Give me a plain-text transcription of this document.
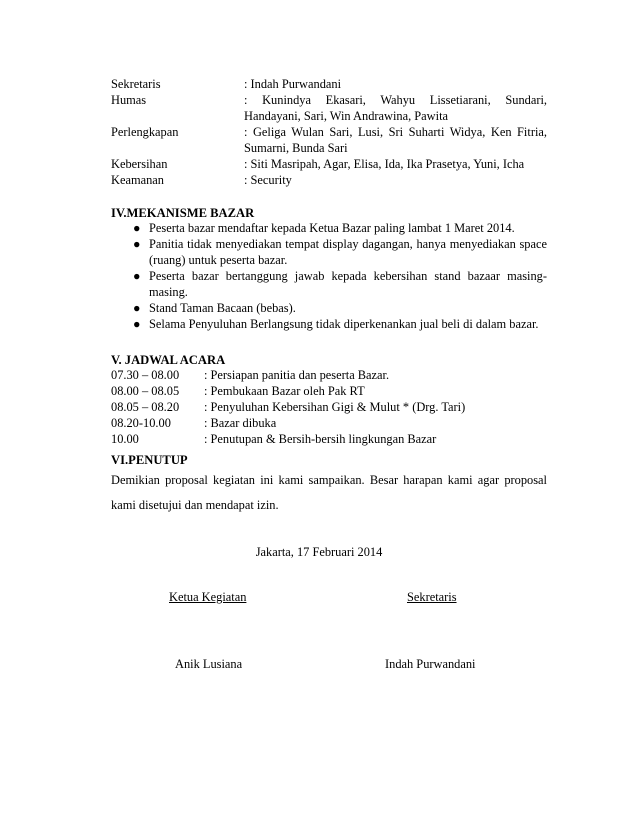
Sekretaris	: Indah Purwandani
Humas	: Kunindya Ekasari, Wahyu Lissetiarani, Sundari, Handayani, Sari, Win Andrawina, Pawita
Perlengkapan	: Geliga Wulan Sari, Lusi, Sri Suharti Widya, Ken Fitria, Sumarni, Bunda Sari
Kebersihan	: Siti Masripah, Agar, Elisa, Ida, Ika Prasetya, Yuni, Icha
Keamanan	: Security
IV.MEKANISME BAZAR
● Peserta bazar mendaftar kepada Ketua Bazar paling lambat 1 Maret 2014.
● Panitia tidak menyediakan tempat display dagangan, hanya menyediakan space (ruang) untuk peserta bazar.
● Peserta bazar bertanggung jawab kepada kebersihan stand bazaar masing-masing.
● Stand Taman Bacaan (bebas).
● Selama Penyuluhan Berlangsung tidak diperkenankan jual beli di dalam bazar.
V. JADWAL ACARA
07.30 – 08.00	: Persiapan panitia dan peserta Bazar.
08.00 – 08.05	: Pembukaan Bazar oleh Pak RT
08.05 – 08.20	: Penyuluhan Kebersihan Gigi & Mulut * (Drg. Tari)
08.20-10.00	: Bazar dibuka
10.00	: Penutupan & Bersih-bersih lingkungan Bazar
VI.PENUTUP

Demikian proposal kegiatan ini kami sampaikan. Besar harapan kami agar proposal kami disetujui dan mendapat izin.

Jakarta, 17 Februari 2014
Ketua Kegiatan	Sekretaris
Anik Lusiana	Indah Purwandani
